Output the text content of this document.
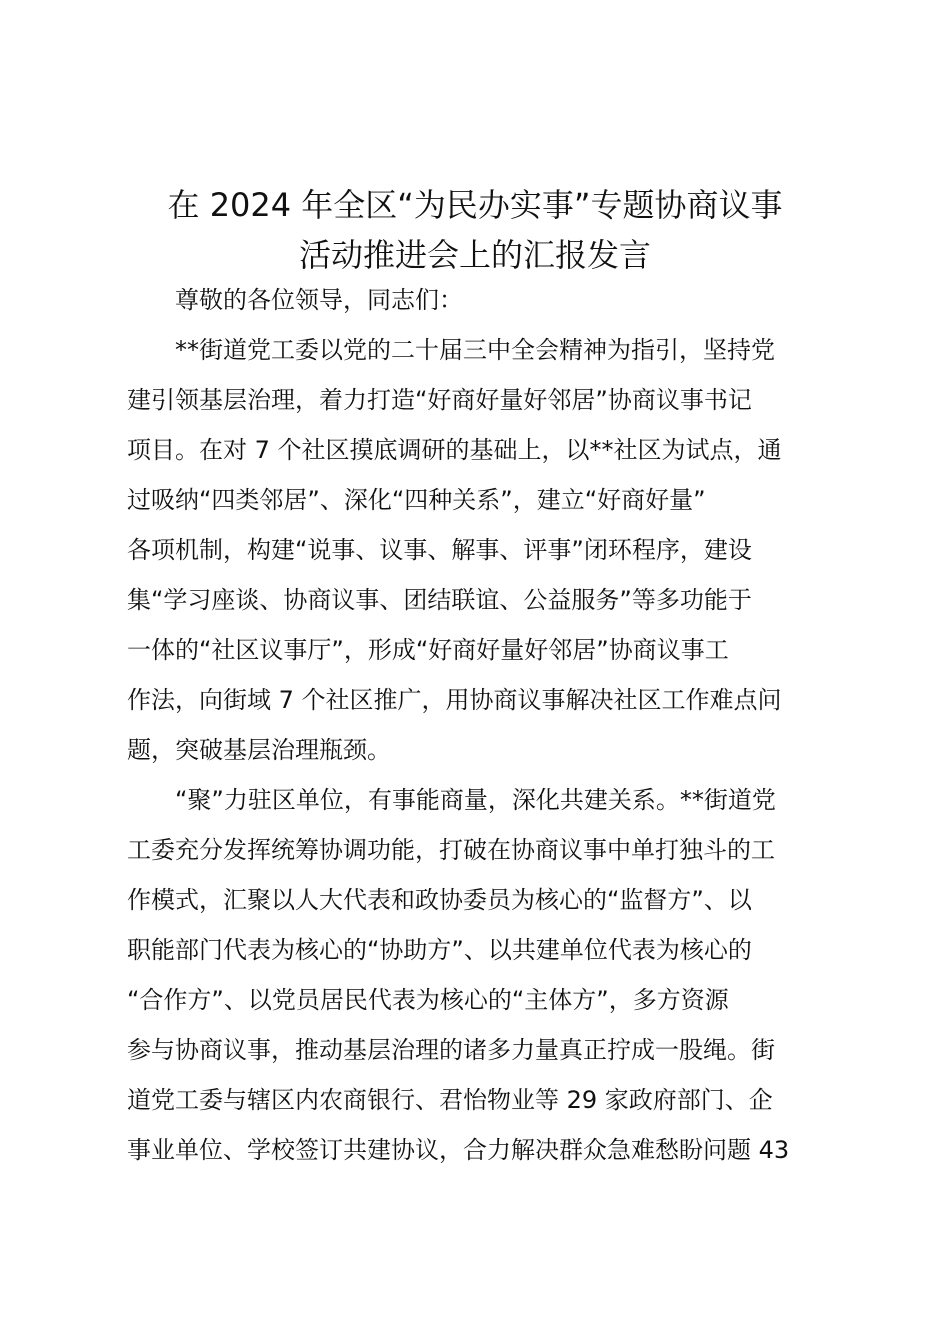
在 2024 年全区“为民办实事”专题协商议事
活动推进会上的汇报发言

尊敬的各位领导，同志们：

**街道党工委以党的二十届三中全会精神为指引，坚持党

建引领基层治理，着力打造“好商好量好邻居”协商议事书记

项目。在对 7 个社区摸底调研的基础上，以**社区为试点，通

过吸纳“四类邻居”、深化“四种关系”，建立“好商好量”

各项机制，构建“说事、议事、解事、评事”闭环程序，建设

集“学习座谈、协商议事、团结联谊、公益服务”等多功能于

一体的“社区议事厅”，形成“好商好量好邻居”协商议事工

作法，向街域 7 个社区推广，用协商议事解决社区工作难点问

题，突破基层治理瓶颈。

“聚”力驻区单位，有事能商量，深化共建关系。**街道党

工委充分发挥统筹协调功能，打破在协商议事中单打独斗的工

作模式，汇聚以人大代表和政协委员为核心的“监督方”、以

职能部门代表为核心的“协助方”、以共建单位代表为核心的

“合作方”、以党员居民代表为核心的“主体方”，多方资源

参与协商议事，推动基层治理的诸多力量真正拧成一股绳。街

道党工委与辖区内农商银行、君怡物业等 29 家政府部门、企

事业单位、学校签订共建协议，合力解决群众急难愁盼问题 43
